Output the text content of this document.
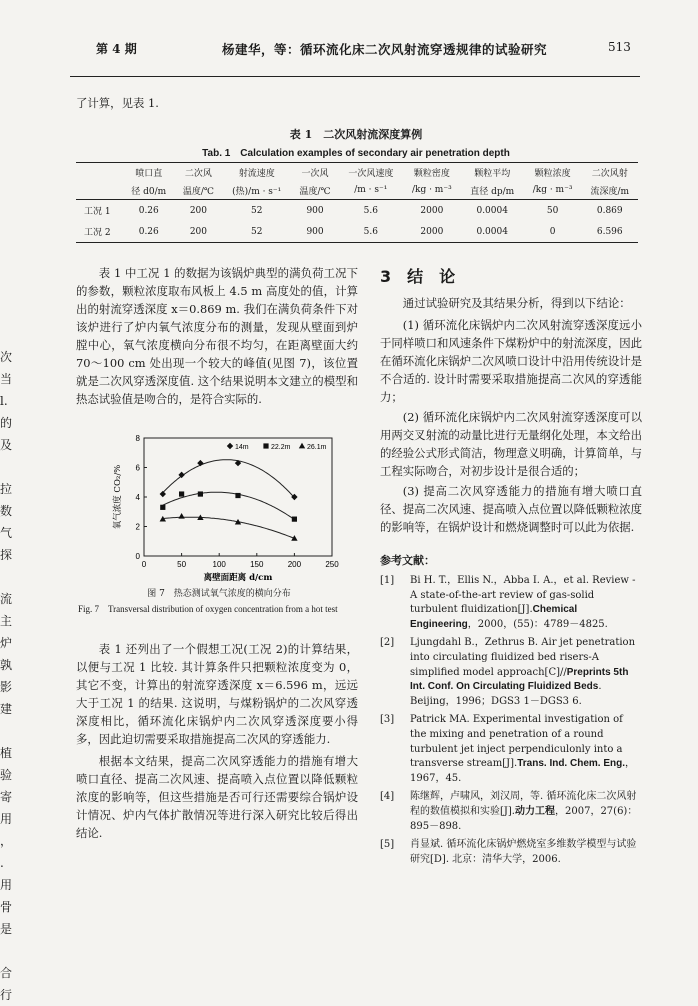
第 4 期	杨建华，等：循环流化床二次风射流穿透规律的试验研究	513
了计算，见表 1.
表 1　二次风射流深度算例
Tab. 1　Calculation examples of secondary air penetration depth
	喷口直	二次风	射流速度	一次风	一次风速度	颗粒密度	颗粒平均	颗粒浓度	二次风射
	径 d0/m	温度/℃	(热)/m · s⁻¹	温度/℃	/m · s⁻¹	/kg · m⁻³	直径 dp/m	/kg · m⁻³	流深度/m
工况 1	0.26	200	52	900	5.6	2000	0.0004	50	0.869
工况 2	0.26	200	52	900	5.6	2000	0.0004	0	6.596

表 1 中工况 1 的数据为该锅炉典型的满负荷工况下的参数，颗粒浓度取布风板上 4.5 m 高度处的值，计算出的射流穿透深度 x＝0.869 m. 我们在满负荷条件下对该炉进行了炉内氧气浓度分布的测量，发现从壁面到炉膛中心，氧气浓度横向分布很不均匀，在距离壁面大约 70～100 cm 处出现一个较大的峰值(见图 7)，该位置就是二次风穿透深度值. 这个结果说明本文建立的模型和热态试验值是吻合的，是符合实际的.

0	50	100	150	200	250
0
2
4
6
8
离壁面距离 d/cm
氧气浓度 CO₂/%
14m	22.2m 26.1m
图 7　热态测试氧气浓度的横向分布
Fig. 7　Transversal distribution of oxygen concentration from a hot test

表 1 还列出了一个假想工况(工况 2)的计算结果，以便与工况 1 比较. 其计算条件只把颗粒浓度变为 0，其它不变，计算出的射流穿透深度 x＝6.596 m，远远大于工况 1 的结果. 这说明，与煤粉锅炉的二次风穿透深度相比，循环流化床锅炉内二次风穿透深度要小得多，因此迫切需要采取措施提高二次风的穿透能力.

根据本文结果，提高二次风穿透能力的措施有增大喷口直径、提高二次风速、提高喷入点位置以降低颗粒浓度的影响等，但这些措施是否可行还需要综合锅炉设计情况、炉内气体扩散情况等进行深入研究比较后得出结论.

3　结　论

通过试验研究及其结果分析，得到以下结论：

(1) 循环流化床锅炉内二次风射流穿透深度远小于同样喷口和风速条件下煤粉炉中的射流深度，因此在循环流化床锅炉二次风喷口设计中沿用传统设计是不合适的. 设计时需要采取措施提高二次风的穿透能力；

(2) 循环流化床锅炉内二次风射流穿透深度可以用两交叉射流的动量比进行无量纲化处理，本文给出的经验公式形式简洁，物理意义明确，计算简单，与工程实际吻合，对初步设计是很合适的；

(3) 提高二次风穿透能力的措施有增大喷口直径、提高二次风速、提高喷入点位置以降低颗粒浓度的影响等，在锅炉设计和燃烧调整时可以此为依据.

参考文献：
[1]	Bi H. T.，Ellis N.，Abba I. A.，et al. Review - A state-of-the-art review of gas-solid turbulent fluidization[J].Chemical Engineering，2000，(55)：4789－4825.
[2]	Ljungdahl B.，Zethrus B. Air jet penetration into circulating fluidized bed risers-A simplified model approach[C]//Preprints 5th Int. Conf. On Circulating Fluidized Beds. Beijing，1996；DGS3 1－DGS3 6.
[3]	Patrick MA. Experimental investigation of the mixing and penetration of a round turbulent jet inject perpendiculonly into a transverse stream[J].Trans. Ind. Chem. Eng.，1967，45.
[4]	陈继辉，卢啸风，刘汉周，等. 循环流化床二次风射程的数值模拟和实验[J].动力工程，2007，27(6)：895－898.
[5]	肖显斌. 循环流化床锅炉燃烧室多维数学模型与试验研究[D]. 北京：清华大学，2006.
次
当
l.
的
及
拉
数
气
探
流
主
炉
孰
影
建
植
验
寄
用
，
.
用
骨
是
合
行
